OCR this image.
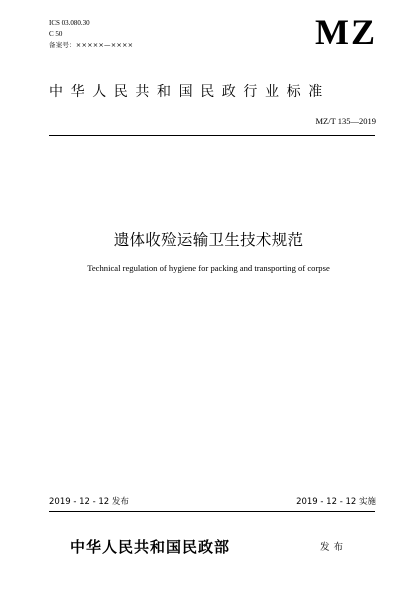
ICS 03.080.30
C 50
备案号：×××××—××××	MZ
中华人民共和国民政行业标准
MZ/T 135—2019
遗体收殓运输卫生技术规范
Technical regulation of hygiene for packing and transporting of corpse
2019 - 12 - 12 发布	2019 - 12 - 12 实施
中华人民共和国民政部	发布
